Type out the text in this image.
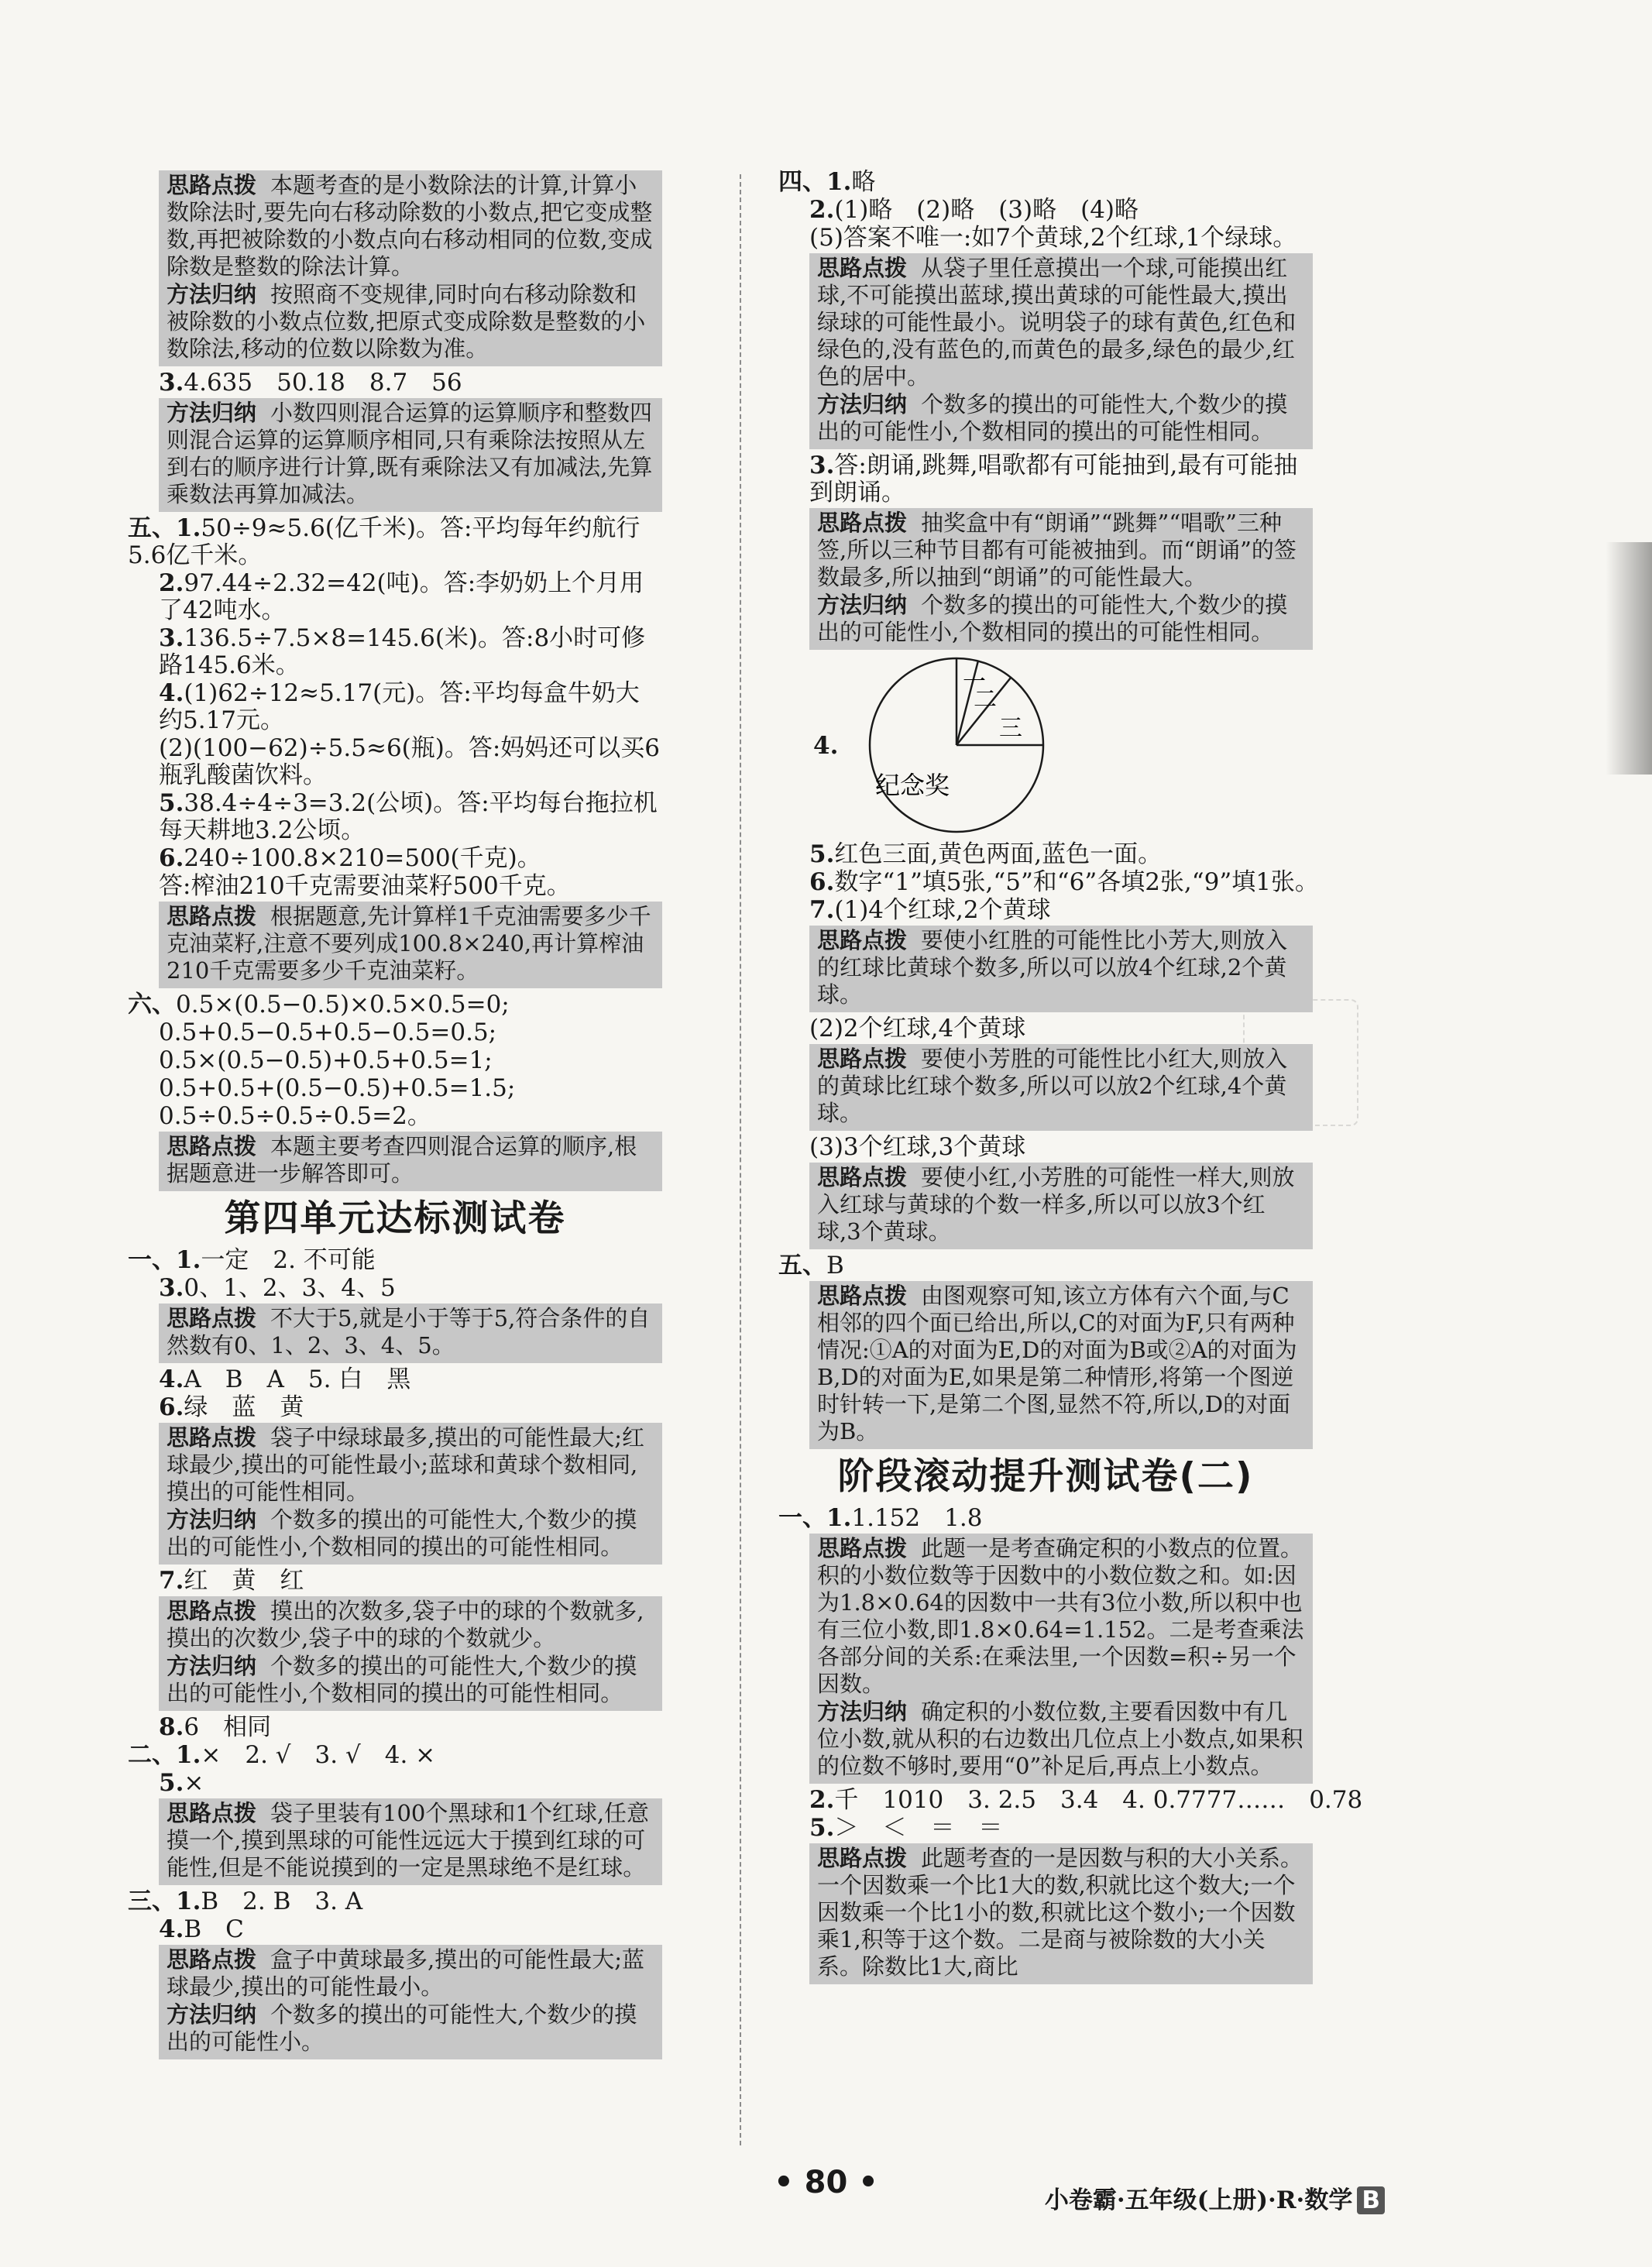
思路点拨 本题考查的是小数除法的计算,计算小数除法时,要先向右移动除数的小数点,把它变成整数,再把被除数的小数点向右移动相同的位数,变成除数是整数的除法计算。
方法归纳 按照商不变规律,同时向右移动除数和被除数的小数点位数,把原式变成除数是整数的小数除法,移动的位数以除数为准。
3.4.635　50.18　8.7　56
方法归纳 小数四则混合运算的运算顺序和整数四则混合运算的运算顺序相同,只有乘除法按照从左到右的顺序进行计算,既有乘除法又有加减法,先算乘数法再算加减法。
五、1.50÷9≈5.6(亿千米)。答:平均每年约航行5.6亿千米。
2.97.44÷2.32=42(吨)。答:李奶奶上个月用了42吨水。
3.136.5÷7.5×8=145.6(米)。答:8小时可修路145.6米。
4.(1)62÷12≈5.17(元)。答:平均每盒牛奶大约5.17元。
(2)(100−62)÷5.5≈6(瓶)。答:妈妈还可以买6瓶乳酸菌饮料。
5.38.4÷4÷3=3.2(公顷)。答:平均每台拖拉机每天耕地3.2公顷。
6.240÷100.8×210=500(千克)。
答:榨油210千克需要油菜籽500千克。
思路点拨 根据题意,先计算样1千克油需要多少千克油菜籽,注意不要列成100.8×240,再计算榨油210千克需要多少千克油菜籽。
六、0.5×(0.5−0.5)×0.5×0.5=0;
0.5+0.5−0.5+0.5−0.5=0.5;
0.5×(0.5−0.5)+0.5+0.5=1;
0.5+0.5+(0.5−0.5)+0.5=1.5;
0.5÷0.5÷0.5÷0.5=2。
思路点拨 本题主要考查四则混合运算的顺序,根据题意进一步解答即可。
第四单元达标测试卷
一、1.一定　2. 不可能
3.0、1、2、3、4、5
思路点拨 不大于5,就是小于等于5,符合条件的自然数有0、1、2、3、4、5。
4.A　B　A　5. 白　黑
6.绿　蓝　黄
思路点拨 袋子中绿球最多,摸出的可能性最大;红球最少,摸出的可能性最小;蓝球和黄球个数相同,摸出的可能性相同。
方法归纳 个数多的摸出的可能性大,个数少的摸出的可能性小,个数相同的摸出的可能性相同。
7.红　黄　红
思路点拨 摸出的次数多,袋子中的球的个数就多,摸出的次数少,袋子中的球的个数就少。
方法归纳 个数多的摸出的可能性大,个数少的摸出的可能性小,个数相同的摸出的可能性相同。
8.6　相同
二、1.×　2. √　3. √　4. ×
5.×
思路点拨 袋子里装有100个黑球和1个红球,任意摸一个,摸到黑球的可能性远远大于摸到红球的可能性,但是不能说摸到的一定是黑球绝不是红球。
三、1.B　2. B　3. A
4.B　C
思路点拨 盒子中黄球最多,摸出的可能性最大;蓝球最少,摸出的可能性最小。
方法归纳 个数多的摸出的可能性大,个数少的摸出的可能性小。
四、1.略
2.(1)略　(2)略　(3)略　(4)略
(5)答案不唯一:如7个黄球,2个红球,1个绿球。
思路点拨 从袋子里任意摸出一个球,可能摸出红球,不可能摸出蓝球,摸出黄球的可能性最大,摸出绿球的可能性最小。说明袋子的球有黄色,红色和绿色的,没有蓝色的,而黄色的最多,绿色的最少,红色的居中。
方法归纳 个数多的摸出的可能性大,个数少的摸出的可能性小,个数相同的摸出的可能性相同。
3.答:朗诵,跳舞,唱歌都有可能抽到,最有可能抽到朗诵。
思路点拨 抽奖盒中有“朗诵”“跳舞”“唱歌”三种签,所以三种节目都有可能被抽到。而“朗诵”的签数最多,所以抽到“朗诵”的可能性最大。
方法归纳 个数多的摸出的可能性大,个数少的摸出的可能性小,个数相同的摸出的可能性相同。
4.
一
二
三
纪念奖
5.红色三面,黄色两面,蓝色一面。
6.数字“1”填5张,“5”和“6”各填2张,“9”填1张。
7.(1)4个红球,2个黄球
思路点拨 要使小红胜的可能性比小芳大,则放入的红球比黄球个数多,所以可以放4个红球,2个黄球。
(2)2个红球,4个黄球
思路点拨 要使小芳胜的可能性比小红大,则放入的黄球比红球个数多,所以可以放2个红球,4个黄球。
(3)3个红球,3个黄球
思路点拨 要使小红,小芳胜的可能性一样大,则放入红球与黄球的个数一样多,所以可以放3个红球,3个黄球。
五、B
思路点拨 由图观察可知,该立方体有六个面,与C相邻的四个面已给出,所以,C的对面为F,只有两种情况:①A的对面为E,D的对面为B或②A的对面为B,D的对面为E,如果是第二种情形,将第一个图逆时针转一下,是第二个图,显然不符,所以,D的对面为B。
阶段滚动提升测试卷(二)
一、1.1.152　1.8
思路点拨 此题一是考查确定积的小数点的位置。积的小数位数等于因数中的小数位数之和。如:因为1.8×0.64的因数中一共有3位小数,所以积中也有三位小数,即1.8×0.64=1.152。二是考查乘法各部分间的关系:在乘法里,一个因数=积÷另一个因数。
方法归纳 确定积的小数位数,主要看因数中有几位小数,就从积的右边数出几位点上小数点,如果积的位数不够时,要用“0”补足后,再点上小数点。
2.千　1010　3. 2.5　3.4　4. 0.7777……　0.78
5.＞　＜　＝　＝
思路点拨 此题考查的一是因数与积的大小关系。一个因数乘一个比1大的数,积就比这个数大;一个因数乘一个比1小的数,积就比这个数小;一个因数乘1,积等于这个数。二是商与被除数的大小关系。除数比1大,商比
• 80 •	小卷霸·五年级(上册)·R·数学 B
